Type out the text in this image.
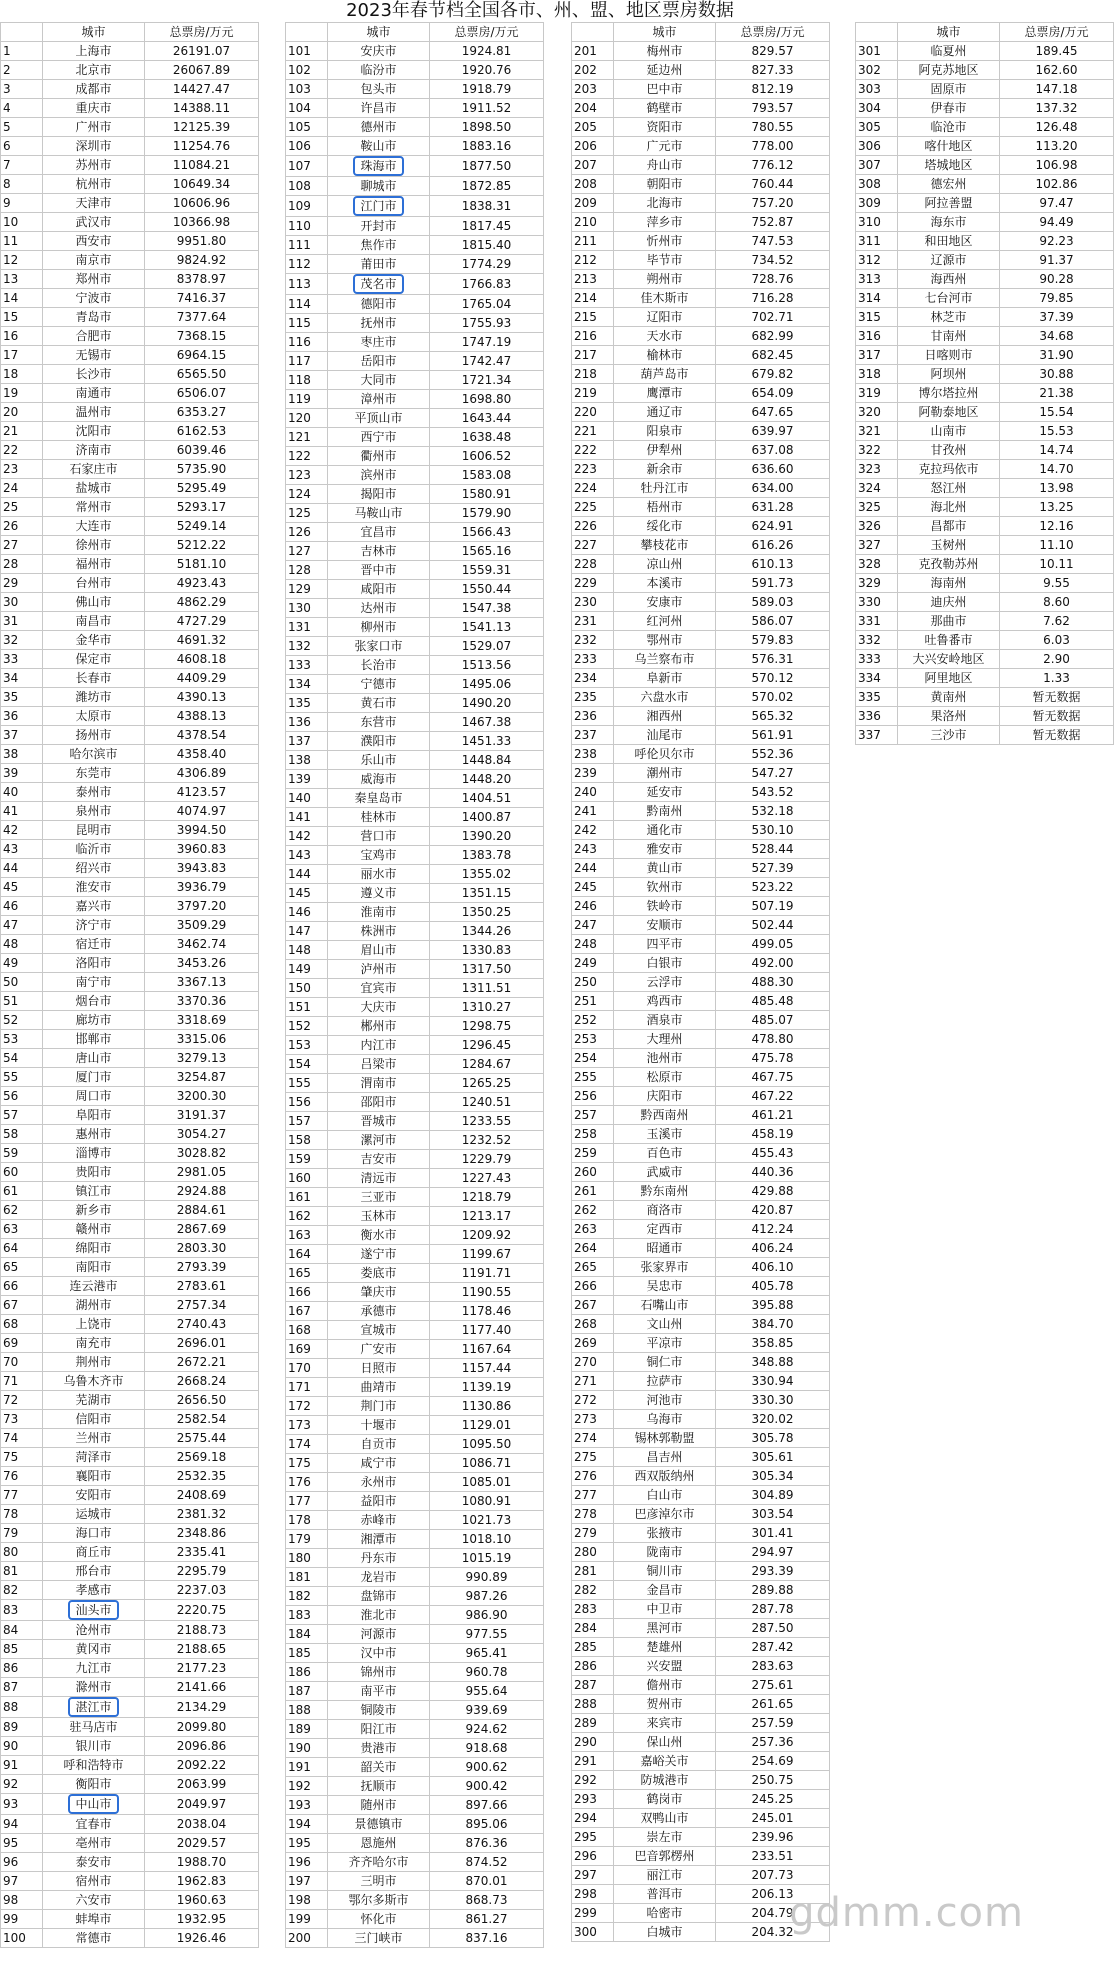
2023年春节档全国各市、州、盟、地区票房数据
	城市	总票房/万元
1	上海市	26191.07
2	北京市	26067.89
3	成都市	14427.47
4	重庆市	14388.11
5	广州市	12125.39
6	深圳市	11254.76
7	苏州市	11084.21
8	杭州市	10649.34
9	天津市	10606.96
10	武汉市	10366.98
11	西安市	9951.80
12	南京市	9824.92
13	郑州市	8378.97
14	宁波市	7416.37
15	青岛市	7377.64
16	合肥市	7368.15
17	无锡市	6964.15
18	长沙市	6565.50
19	南通市	6506.07
20	温州市	6353.27
21	沈阳市	6162.53
22	济南市	6039.46
23	石家庄市	5735.90
24	盐城市	5295.49
25	常州市	5293.17
26	大连市	5249.14
27	徐州市	5212.22
28	福州市	5181.10
29	台州市	4923.43
30	佛山市	4862.29
31	南昌市	4727.29
32	金华市	4691.32
33	保定市	4608.18
34	长春市	4409.29
35	潍坊市	4390.13
36	太原市	4388.13
37	扬州市	4378.54
38	哈尔滨市	4358.40
39	东莞市	4306.89
40	泰州市	4123.57
41	泉州市	4074.97
42	昆明市	3994.50
43	临沂市	3960.83
44	绍兴市	3943.83
45	淮安市	3936.79
46	嘉兴市	3797.20
47	济宁市	3509.29
48	宿迁市	3462.74
49	洛阳市	3453.26
50	南宁市	3367.13
51	烟台市	3370.36
52	廊坊市	3318.69
53	邯郸市	3315.06
54	唐山市	3279.13
55	厦门市	3254.87
56	周口市	3200.30
57	阜阳市	3191.37
58	惠州市	3054.27
59	淄博市	3028.82
60	贵阳市	2981.05
61	镇江市	2924.88
62	新乡市	2884.61
63	赣州市	2867.69
64	绵阳市	2803.30
65	南阳市	2793.39
66	连云港市	2783.61
67	湖州市	2757.34
68	上饶市	2740.43
69	南充市	2696.01
70	荆州市	2672.21
71	乌鲁木齐市	2668.24
72	芜湖市	2656.50
73	信阳市	2582.54
74	兰州市	2575.44
75	菏泽市	2569.18
76	襄阳市	2532.35
77	安阳市	2408.69
78	运城市	2381.32
79	海口市	2348.86
80	商丘市	2335.41
81	邢台市	2295.79
82	孝感市	2237.03
83	汕头市	2220.75
84	沧州市	2188.73
85	黄冈市	2188.65
86	九江市	2177.23
87	滁州市	2141.66
88	湛江市	2134.29
89	驻马店市	2099.80
90	银川市	2096.86
91	呼和浩特市	2092.22
92	衡阳市	2063.99
93	中山市	2049.97
94	宜春市	2038.04
95	亳州市	2029.57
96	泰安市	1988.70
97	宿州市	1962.83
98	六安市	1960.63
99	蚌埠市	1932.95
100	常德市	1926.46
	城市	总票房/万元
101	安庆市	1924.81
102	临汾市	1920.76
103	包头市	1918.79
104	许昌市	1911.52
105	德州市	1898.50
106	鞍山市	1883.16
107	珠海市	1877.50
108	聊城市	1872.85
109	江门市	1838.31
110	开封市	1817.45
111	焦作市	1815.40
112	莆田市	1774.29
113	茂名市	1766.83
114	德阳市	1765.04
115	抚州市	1755.93
116	枣庄市	1747.19
117	岳阳市	1742.47
118	大同市	1721.34
119	漳州市	1698.80
120	平顶山市	1643.44
121	西宁市	1638.48
122	衢州市	1606.52
123	滨州市	1583.08
124	揭阳市	1580.91
125	马鞍山市	1579.90
126	宜昌市	1566.43
127	吉林市	1565.16
128	晋中市	1559.31
129	咸阳市	1550.44
130	达州市	1547.38
131	柳州市	1541.13
132	张家口市	1529.07
133	长治市	1513.56
134	宁德市	1495.06
135	黄石市	1490.20
136	东营市	1467.38
137	濮阳市	1451.33
138	乐山市	1448.84
139	威海市	1448.20
140	秦皇岛市	1404.51
141	桂林市	1400.87
142	营口市	1390.20
143	宝鸡市	1383.78
144	丽水市	1355.02
145	遵义市	1351.15
146	淮南市	1350.25
147	株洲市	1344.26
148	眉山市	1330.83
149	泸州市	1317.50
150	宜宾市	1311.51
151	大庆市	1310.27
152	郴州市	1298.75
153	内江市	1296.45
154	吕梁市	1284.67
155	渭南市	1265.25
156	邵阳市	1240.51
157	晋城市	1233.55
158	漯河市	1232.52
159	吉安市	1229.79
160	清远市	1227.43
161	三亚市	1218.79
162	玉林市	1213.17
163	衡水市	1209.92
164	遂宁市	1199.67
165	娄底市	1191.71
166	肇庆市	1190.55
167	承德市	1178.46
168	宣城市	1177.40
169	广安市	1167.64
170	日照市	1157.44
171	曲靖市	1139.19
172	荆门市	1130.86
173	十堰市	1129.01
174	自贡市	1095.50
175	咸宁市	1086.71
176	永州市	1085.01
177	益阳市	1080.91
178	赤峰市	1021.73
179	湘潭市	1018.10
180	丹东市	1015.19
181	龙岩市	990.89
182	盘锦市	987.26
183	淮北市	986.90
184	河源市	977.55
185	汉中市	965.41
186	锦州市	960.78
187	南平市	955.64
188	铜陵市	939.69
189	阳江市	924.62
190	贵港市	918.68
191	韶关市	900.62
192	抚顺市	900.42
193	随州市	897.66
194	景德镇市	895.06
195	恩施州	876.36
196	齐齐哈尔市	874.52
197	三明市	870.01
198	鄂尔多斯市	868.73
199	怀化市	861.27
200	三门峡市	837.16
	城市	总票房/万元
201	梅州市	829.57
202	延边州	827.33
203	巴中市	812.19
204	鹤壁市	793.57
205	资阳市	780.55
206	广元市	778.00
207	舟山市	776.12
208	朝阳市	760.44
209	北海市	757.20
210	萍乡市	752.87
211	忻州市	747.53
212	毕节市	734.52
213	朔州市	728.76
214	佳木斯市	716.28
215	辽阳市	702.71
216	天水市	682.99
217	榆林市	682.45
218	葫芦岛市	679.82
219	鹰潭市	654.09
220	通辽市	647.65
221	阳泉市	639.97
222	伊犁州	637.08
223	新余市	636.60
224	牡丹江市	634.00
225	梧州市	631.28
226	绥化市	624.91
227	攀枝花市	616.26
228	凉山州	610.13
229	本溪市	591.73
230	安康市	589.03
231	红河州	586.07
232	鄂州市	579.83
233	乌兰察布市	576.31
234	阜新市	570.12
235	六盘水市	570.02
236	湘西州	565.32
237	汕尾市	561.91
238	呼伦贝尔市	552.36
239	潮州市	547.27
240	延安市	543.52
241	黔南州	532.18
242	通化市	530.10
243	雅安市	528.44
244	黄山市	527.39
245	钦州市	523.22
246	铁岭市	507.19
247	安顺市	502.44
248	四平市	499.05
249	白银市	492.00
250	云浮市	488.30
251	鸡西市	485.48
252	酒泉市	485.07
253	大理州	478.80
254	池州市	475.78
255	松原市	467.75
256	庆阳市	467.22
257	黔西南州	461.21
258	玉溪市	458.19
259	百色市	455.43
260	武威市	440.36
261	黔东南州	429.88
262	商洛市	420.87
263	定西市	412.24
264	昭通市	406.24
265	张家界市	406.10
266	吴忠市	405.78
267	石嘴山市	395.88
268	文山州	384.70
269	平凉市	358.85
270	铜仁市	348.88
271	拉萨市	330.94
272	河池市	330.30
273	乌海市	320.02
274	锡林郭勒盟	305.78
275	昌吉州	305.61
276	西双版纳州	305.34
277	白山市	304.89
278	巴彦淖尔市	303.54
279	张掖市	301.41
280	陇南市	294.97
281	铜川市	293.39
282	金昌市	289.88
283	中卫市	287.78
284	黑河市	287.50
285	楚雄州	287.42
286	兴安盟	283.63
287	儋州市	275.61
288	贺州市	261.65
289	来宾市	257.59
290	保山州	257.36
291	嘉峪关市	254.69
292	防城港市	250.75
293	鹤岗市	245.25
294	双鸭山市	245.01
295	崇左市	239.96
296	巴音郭楞州	233.51
297	丽江市	207.73
298	普洱市	206.13
299	哈密市	204.79
300	白城市	204.32
	城市	总票房/万元
301	临夏州	189.45
302	阿克苏地区	162.60
303	固原市	147.18
304	伊春市	137.32
305	临沧市	126.48
306	喀什地区	113.20
307	塔城地区	106.98
308	德宏州	102.86
309	阿拉善盟	97.47
310	海东市	94.49
311	和田地区	92.23
312	辽源市	91.37
313	海西州	90.28
314	七台河市	79.85
315	林芝市	37.39
316	甘南州	34.68
317	日喀则市	31.90
318	阿坝州	30.88
319	博尔塔拉州	21.38
320	阿勒泰地区	15.54
321	山南市	15.53
322	甘孜州	14.74
323	克拉玛依市	14.70
324	怒江州	13.98
325	海北州	13.25
326	昌都市	12.16
327	玉树州	11.10
328	克孜勒苏州	10.11
329	海南州	9.55
330	迪庆州	8.60
331	那曲市	7.62
332	吐鲁番市	6.03
333	大兴安岭地区	2.90
334	阿里地区	1.33
335	黄南州	暂无数据
336	果洛州	暂无数据
337	三沙市	暂无数据
gdmm.com
